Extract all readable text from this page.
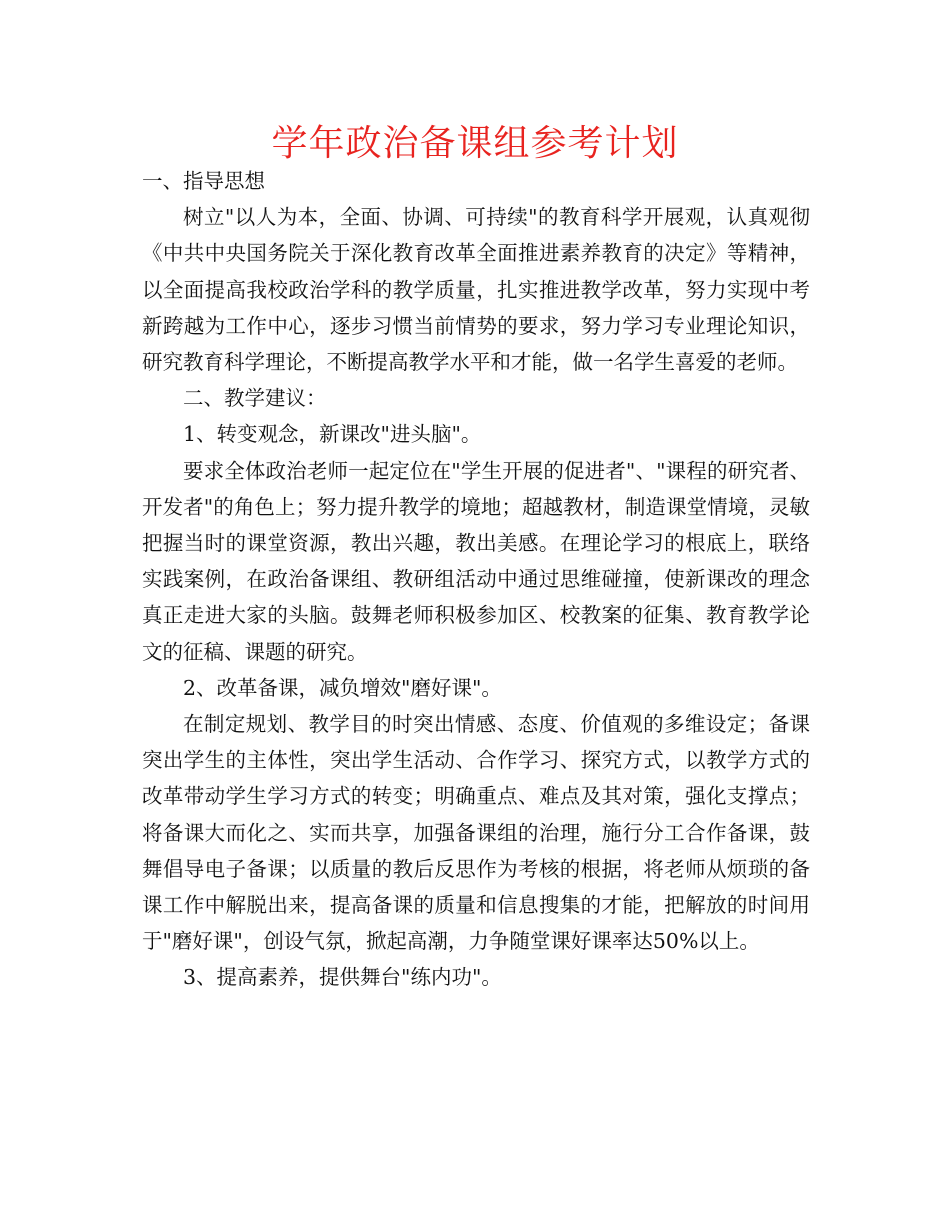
学年政治备课组参考计划

一、指导思想

树立"以人为本，全面、协调、可持续"的教育科学开展观，认真观彻《中共中央国务院关于深化教育改革全面推进素养教育的决定》等精神，以全面提高我校政治学科的教学质量，扎实推进教学改革，努力实现中考新跨越为工作中心，逐步习惯当前情势的要求，努力学习专业理论知识，研究教育科学理论，不断提高教学水平和才能，做一名学生喜爱的老师。

二、教学建议：

1、转变观念，新课改"进头脑"。

要求全体政治老师一起定位在"学生开展的促进者"、"课程的研究者、开发者"的角色上；努力提升教学的境地；超越教材，制造课堂情境，灵敏把握当时的课堂资源，教出兴趣，教出美感。在理论学习的根底上，联络实践案例，在政治备课组、教研组活动中通过思维碰撞，使新课改的理念真正走进大家的头脑。鼓舞老师积极参加区、校教案的征集、教育教学论文的征稿、课题的研究。

2、改革备课，减负增效"磨好课"。

在制定规划、教学目的时突出情感、态度、价值观的多维设定；备课突出学生的主体性，突出学生活动、合作学习、探究方式，以教学方式的改革带动学生学习方式的转变；明确重点、难点及其对策，强化支撑点；将备课大而化之、实而共享，加强备课组的治理，施行分工合作备课，鼓舞倡导电子备课；以质量的教后反思作为考核的根据，将老师从烦琐的备课工作中解脱出来，提高备课的质量和信息搜集的才能，把解放的时间用于"磨好课"，创设气氛，掀起高潮，力争随堂课好课率达50%以上。

3、提高素养，提供舞台"练内功"。
